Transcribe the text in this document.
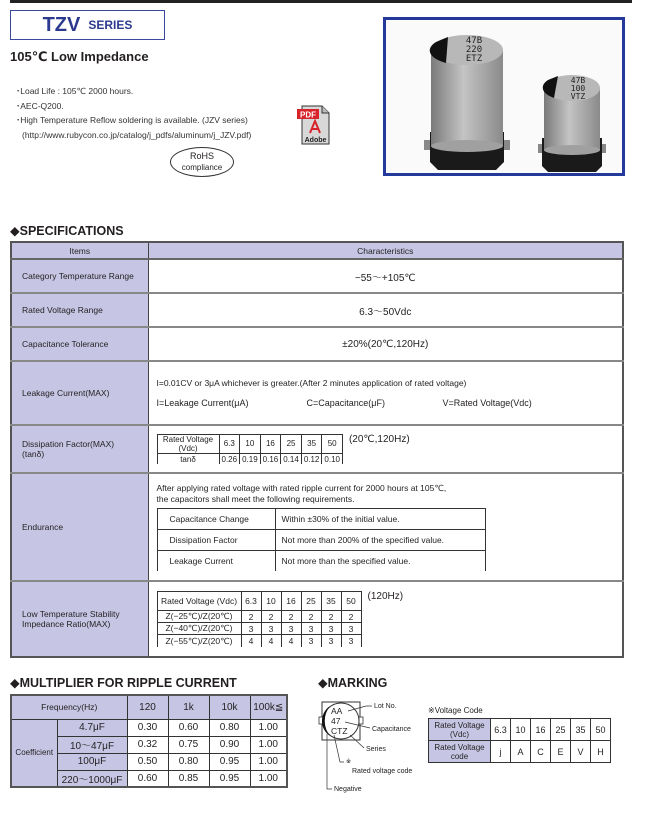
TZV SERIES
105℃ Low Impedance
･Load Life : 105℃ 2000 hours.
･AEC-Q200.
･High Temperature Reflow soldering is available. (JZV series)
(http://www.rubycon.co.jp/catalog/j_pdfs/aluminum/j_JZV.pdf)
RoHS
compliance
PDF
Adobe
47B
220
ETZ
47B
100
VTZ
◆SPECIFICATIONS
Items	Characteristics
Category Temperature Range	−55～+105℃
Rated Voltage Range	6.3～50Vdc
Capacitance Tolerance	±20%(20℃,120Hz)
Leakage Current(MAX)	
I=0.01CV or 3μA whichever is greater.(After 2 minutes application of rated voltage)
I=Leakage Current(μA)	C=Capacitance(μF)	V=Rated Voltage(Vdc)

Dissipation Factor(MAX)
(tanδ)

Rated Voltage (Vdc)	6.3	10	16	25	35	50
tanδ	0.26	0.19	0.16	0.14	0.12	0.10
(20℃,120Hz)

Endurance	
After applying rated voltage with rated ripple current for 2000 hours at 105℃,
the capacitors shall meet the following requirements.
Capacitance Change	Within ±30% of the initial value.
Dissipation Factor	Not more than 200% of the specified value.
Leakage Current	Not more than the specified value.

Low Temperature Stability
Impedance Ratio(MAX)

Rated Voltage (Vdc)	6.3	10	16	25	35	50
Z(−25℃)/Z(20℃)	2	2	2	2	2	2
Z(−40℃)/Z(20℃)	3	3	3	3	3	3
Z(−55℃)/Z(20℃)	4	4	4	3	3	3
(120Hz)
◆MULTIPLIER FOR RIPPLE CURRENT
Frequency(Hz)		120	1k	10k	100k≦
Coefficient	4.7μF	0.30	0.60	0.80	1.00
	10～47μF	0.32	0.75	0.90	1.00
	100μF	0.50	0.80	0.95	1.00
	220～1000μF	0.60	0.85	0.95	1.00
◆MARKING
AA
47
CTZ
Lot No.
Capacitance
Series
※
Rated voltage code
Negative
※Voltage Code
Rated Voltage (Vdc)	6.3	10	16	25	35	50
Rated Voltage code	j	A	C	E	V	H
